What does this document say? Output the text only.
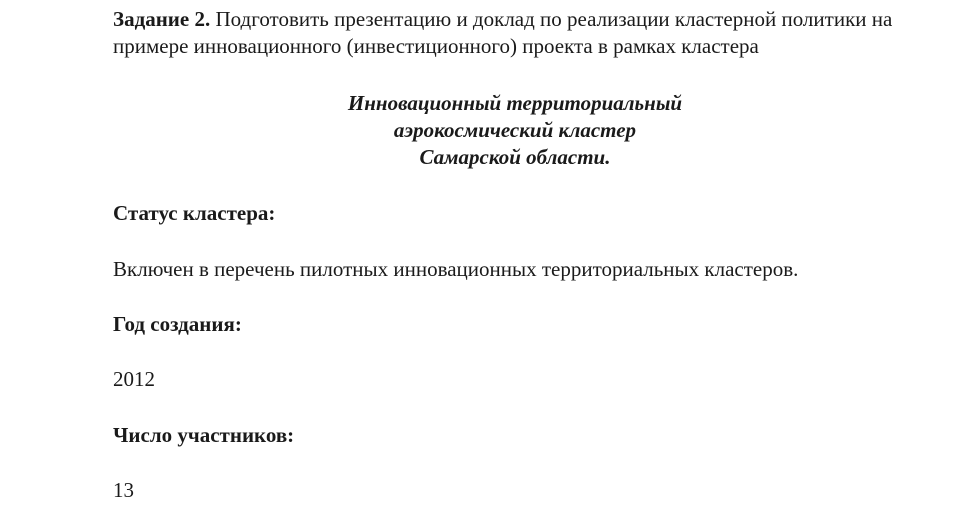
Задание 2. Подготовить презентацию и доклад по реализации кластерной политики на примере инновационного (инвестиционного) проекта в рамках кластера

Инновационный территориальный
аэрокосмический кластер
Самарской области.

Статус кластера:

Включен в перечень пилотных инновационных территориальных кластеров.

Год создания:

2012

Число участников:

13
